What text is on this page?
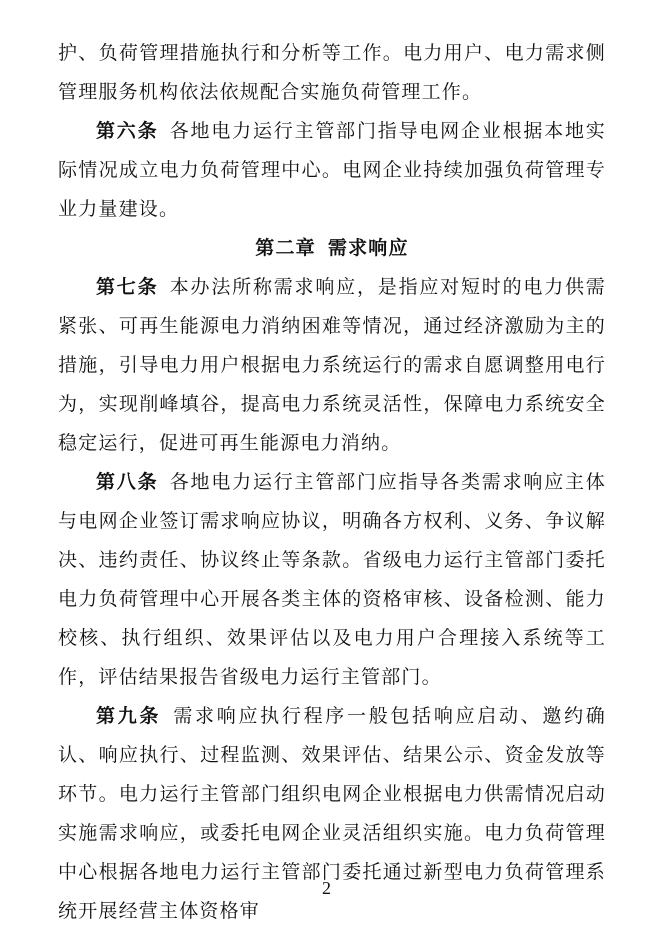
护、负荷管理措施执行和分析等工作。电力用户、电力需求侧管理服务机构依法依规配合实施负荷管理工作。

第六条  各地电力运行主管部门指导电网企业根据本地实际情况成立电力负荷管理中心。电网企业持续加强负荷管理专业力量建设。

第二章 需求响应

第七条  本办法所称需求响应，是指应对短时的电力供需紧张、可再生能源电力消纳困难等情况，通过经济激励为主的措施，引导电力用户根据电力系统运行的需求自愿调整用电行为，实现削峰填谷，提高电力系统灵活性，保障电力系统安全稳定运行，促进可再生能源电力消纳。

第八条  各地电力运行主管部门应指导各类需求响应主体与电网企业签订需求响应协议，明确各方权利、义务、争议解决、违约责任、协议终止等条款。省级电力运行主管部门委托电力负荷管理中心开展各类主体的资格审核、设备检测、能力校核、执行组织、效果评估以及电力用户合理接入系统等工作，评估结果报告省级电力运行主管部门。

第九条  需求响应执行程序一般包括响应启动、邀约确认、响应执行、过程监测、效果评估、结果公示、资金发放等环节。电力运行主管部门组织电网企业根据电力供需情况启动实施需求响应，或委托电网企业灵活组织实施。电力负荷管理中心根据各地电力运行主管部门委托通过新型电力负荷管理系统开展经营主体资格审

2
